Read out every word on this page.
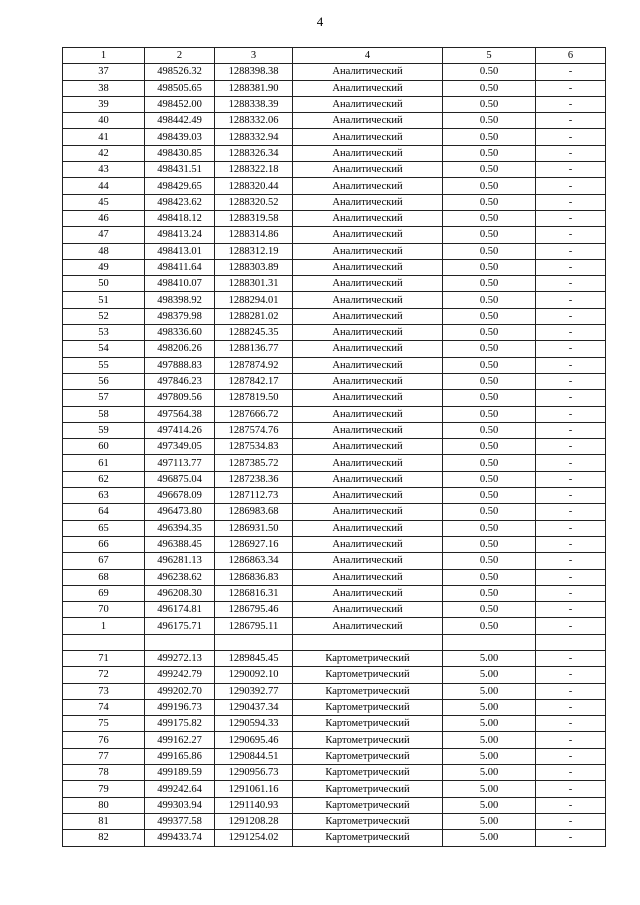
4
1	2	3	4	5	6
37	498526.32	1288398.38	Аналитический	0.50	-
38	498505.65	1288381.90	Аналитический	0.50	-
39	498452.00	1288338.39	Аналитический	0.50	-
40	498442.49	1288332.06	Аналитический	0.50	-
41	498439.03	1288332.94	Аналитический	0.50	-
42	498430.85	1288326.34	Аналитический	0.50	-
43	498431.51	1288322.18	Аналитический	0.50	-
44	498429.65	1288320.44	Аналитический	0.50	-
45	498423.62	1288320.52	Аналитический	0.50	-
46	498418.12	1288319.58	Аналитический	0.50	-
47	498413.24	1288314.86	Аналитический	0.50	-
48	498413.01	1288312.19	Аналитический	0.50	-
49	498411.64	1288303.89	Аналитический	0.50	-
50	498410.07	1288301.31	Аналитический	0.50	-
51	498398.92	1288294.01	Аналитический	0.50	-
52	498379.98	1288281.02	Аналитический	0.50	-
53	498336.60	1288245.35	Аналитический	0.50	-
54	498206.26	1288136.77	Аналитический	0.50	-
55	497888.83	1287874.92	Аналитический	0.50	-
56	497846.23	1287842.17	Аналитический	0.50	-
57	497809.56	1287819.50	Аналитический	0.50	-
58	497564.38	1287666.72	Аналитический	0.50	-
59	497414.26	1287574.76	Аналитический	0.50	-
60	497349.05	1287534.83	Аналитический	0.50	-
61	497113.77	1287385.72	Аналитический	0.50	-
62	496875.04	1287238.36	Аналитический	0.50	-
63	496678.09	1287112.73	Аналитический	0.50	-
64	496473.80	1286983.68	Аналитический	0.50	-
65	496394.35	1286931.50	Аналитический	0.50	-
66	496388.45	1286927.16	Аналитический	0.50	-
67	496281.13	1286863.34	Аналитический	0.50	-
68	496238.62	1286836.83	Аналитический	0.50	-
69	496208.30	1286816.31	Аналитический	0.50	-
70	496174.81	1286795.46	Аналитический	0.50	-
1	496175.71	1286795.11	Аналитический	0.50	-

71	499272.13	1289845.45	Картометрический	5.00	-
72	499242.79	1290092.10	Картометрический	5.00	-
73	499202.70	1290392.77	Картометрический	5.00	-
74	499196.73	1290437.34	Картометрический	5.00	-
75	499175.82	1290594.33	Картометрический	5.00	-
76	499162.27	1290695.46	Картометрический	5.00	-
77	499165.86	1290844.51	Картометрический	5.00	-
78	499189.59	1290956.73	Картометрический	5.00	-
79	499242.64	1291061.16	Картометрический	5.00	-
80	499303.94	1291140.93	Картометрический	5.00	-
81	499377.58	1291208.28	Картометрический	5.00	-
82	499433.74	1291254.02	Картометрический	5.00	-
